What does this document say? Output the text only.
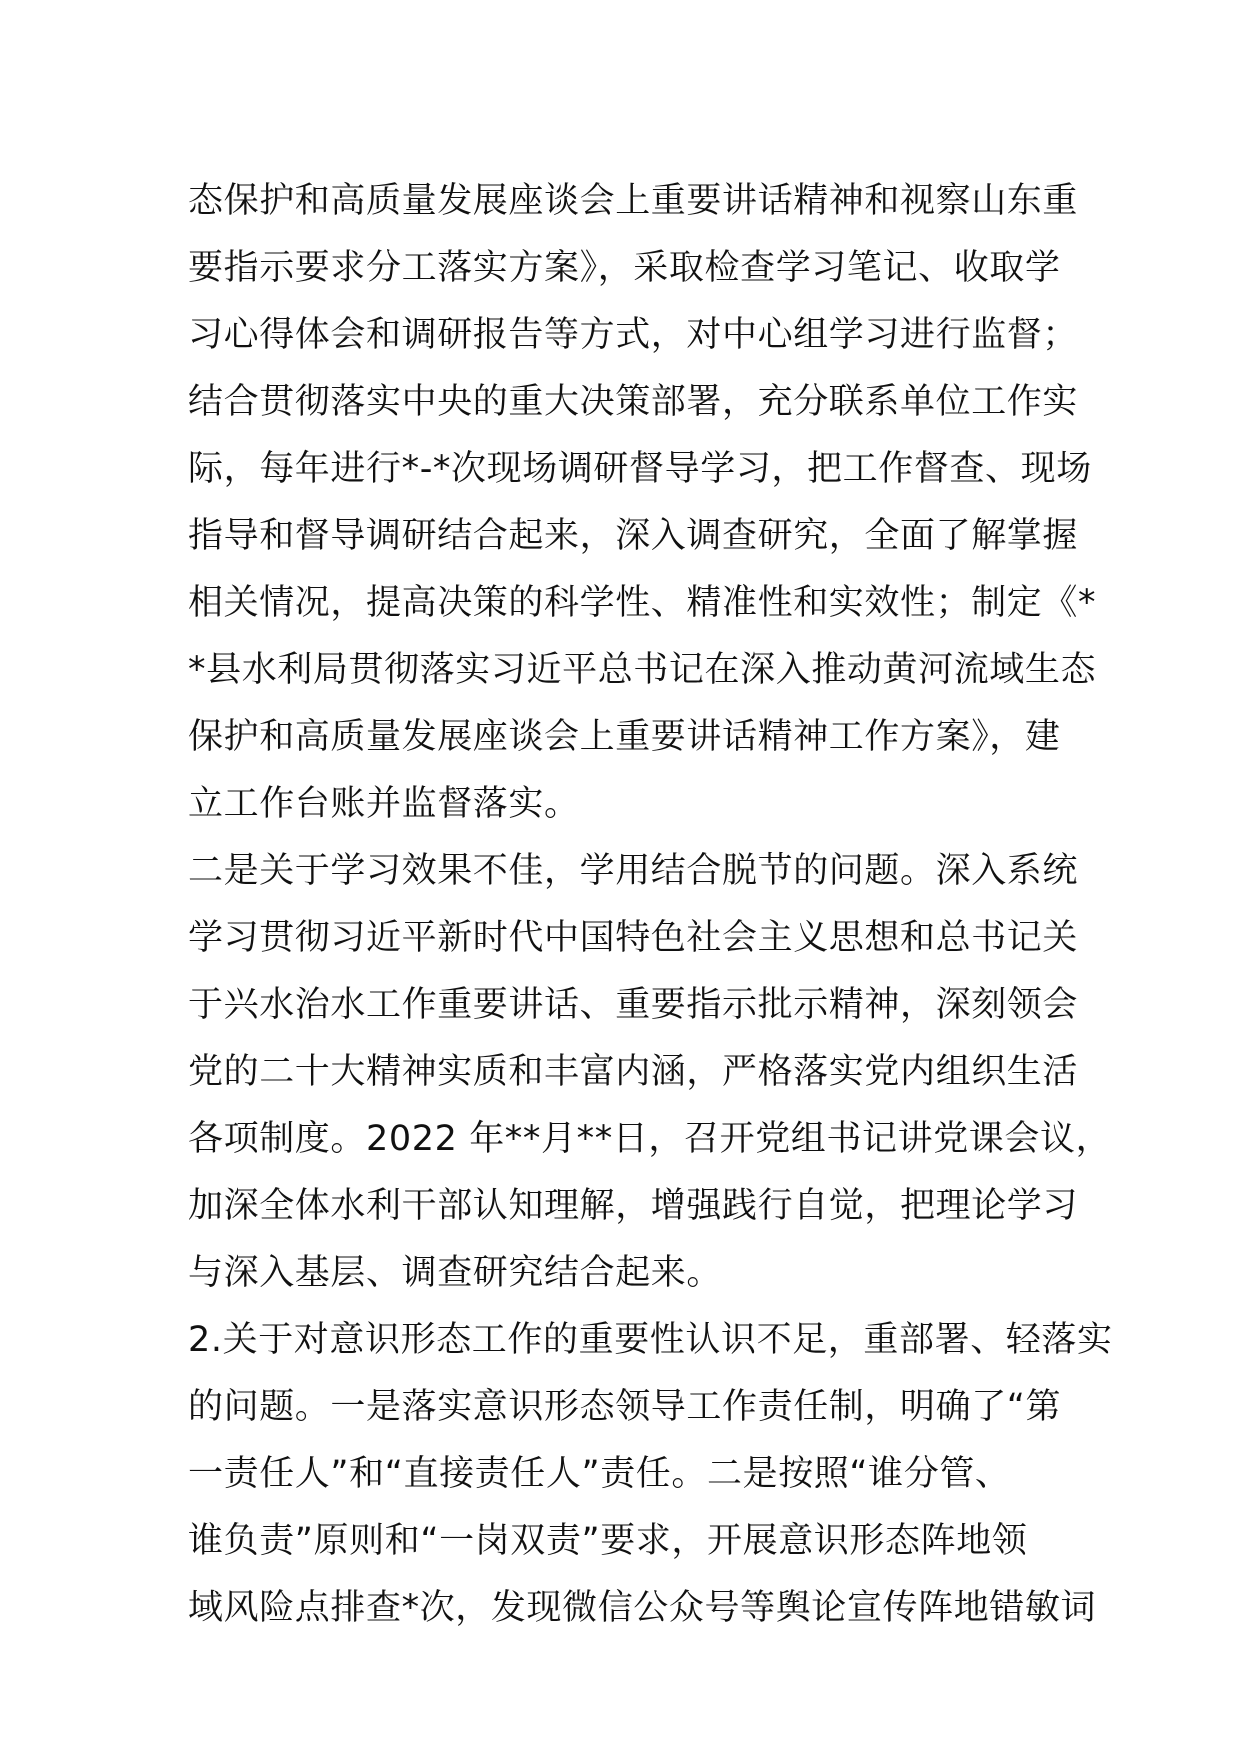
态保护和高质量发展座谈会上重要讲话精神和视察山东重
要指示要求分工落实方案》，采取检查学习笔记、收取学
习心得体会和调研报告等方式，对中心组学习进行监督；
结合贯彻落实中央的重大决策部署，充分联系单位工作实
际，每年进行*-*次现场调研督导学习，把工作督查、现场
指导和督导调研结合起来，深入调查研究，全面了解掌握
相关情况，提高决策的科学性、精准性和实效性；制定《*
*县水利局贯彻落实习近平总书记在深入推动黄河流域生态
保护和高质量发展座谈会上重要讲话精神工作方案》，建
立工作台账并监督落实。
二是关于学习效果不佳，学用结合脱节的问题。深入系统
学习贯彻习近平新时代中国特色社会主义思想和总书记关
于兴水治水工作重要讲话、重要指示批示精神，深刻领会
党的二十大精神实质和丰富内涵，严格落实党内组织生活
各项制度。2022 年**月**日，召开党组书记讲党课会议，
加深全体水利干部认知理解，增强践行自觉，把理论学习
与深入基层、调查研究结合起来。
2.关于对意识形态工作的重要性认识不足，重部署、轻落实
的问题。一是落实意识形态领导工作责任制，明确了“第
一责任人”和“直接责任人”责任。二是按照“谁分管、
谁负责”原则和“一岗双责”要求，开展意识形态阵地领
域风险点排查*次，发现微信公众号等舆论宣传阵地错敏词
